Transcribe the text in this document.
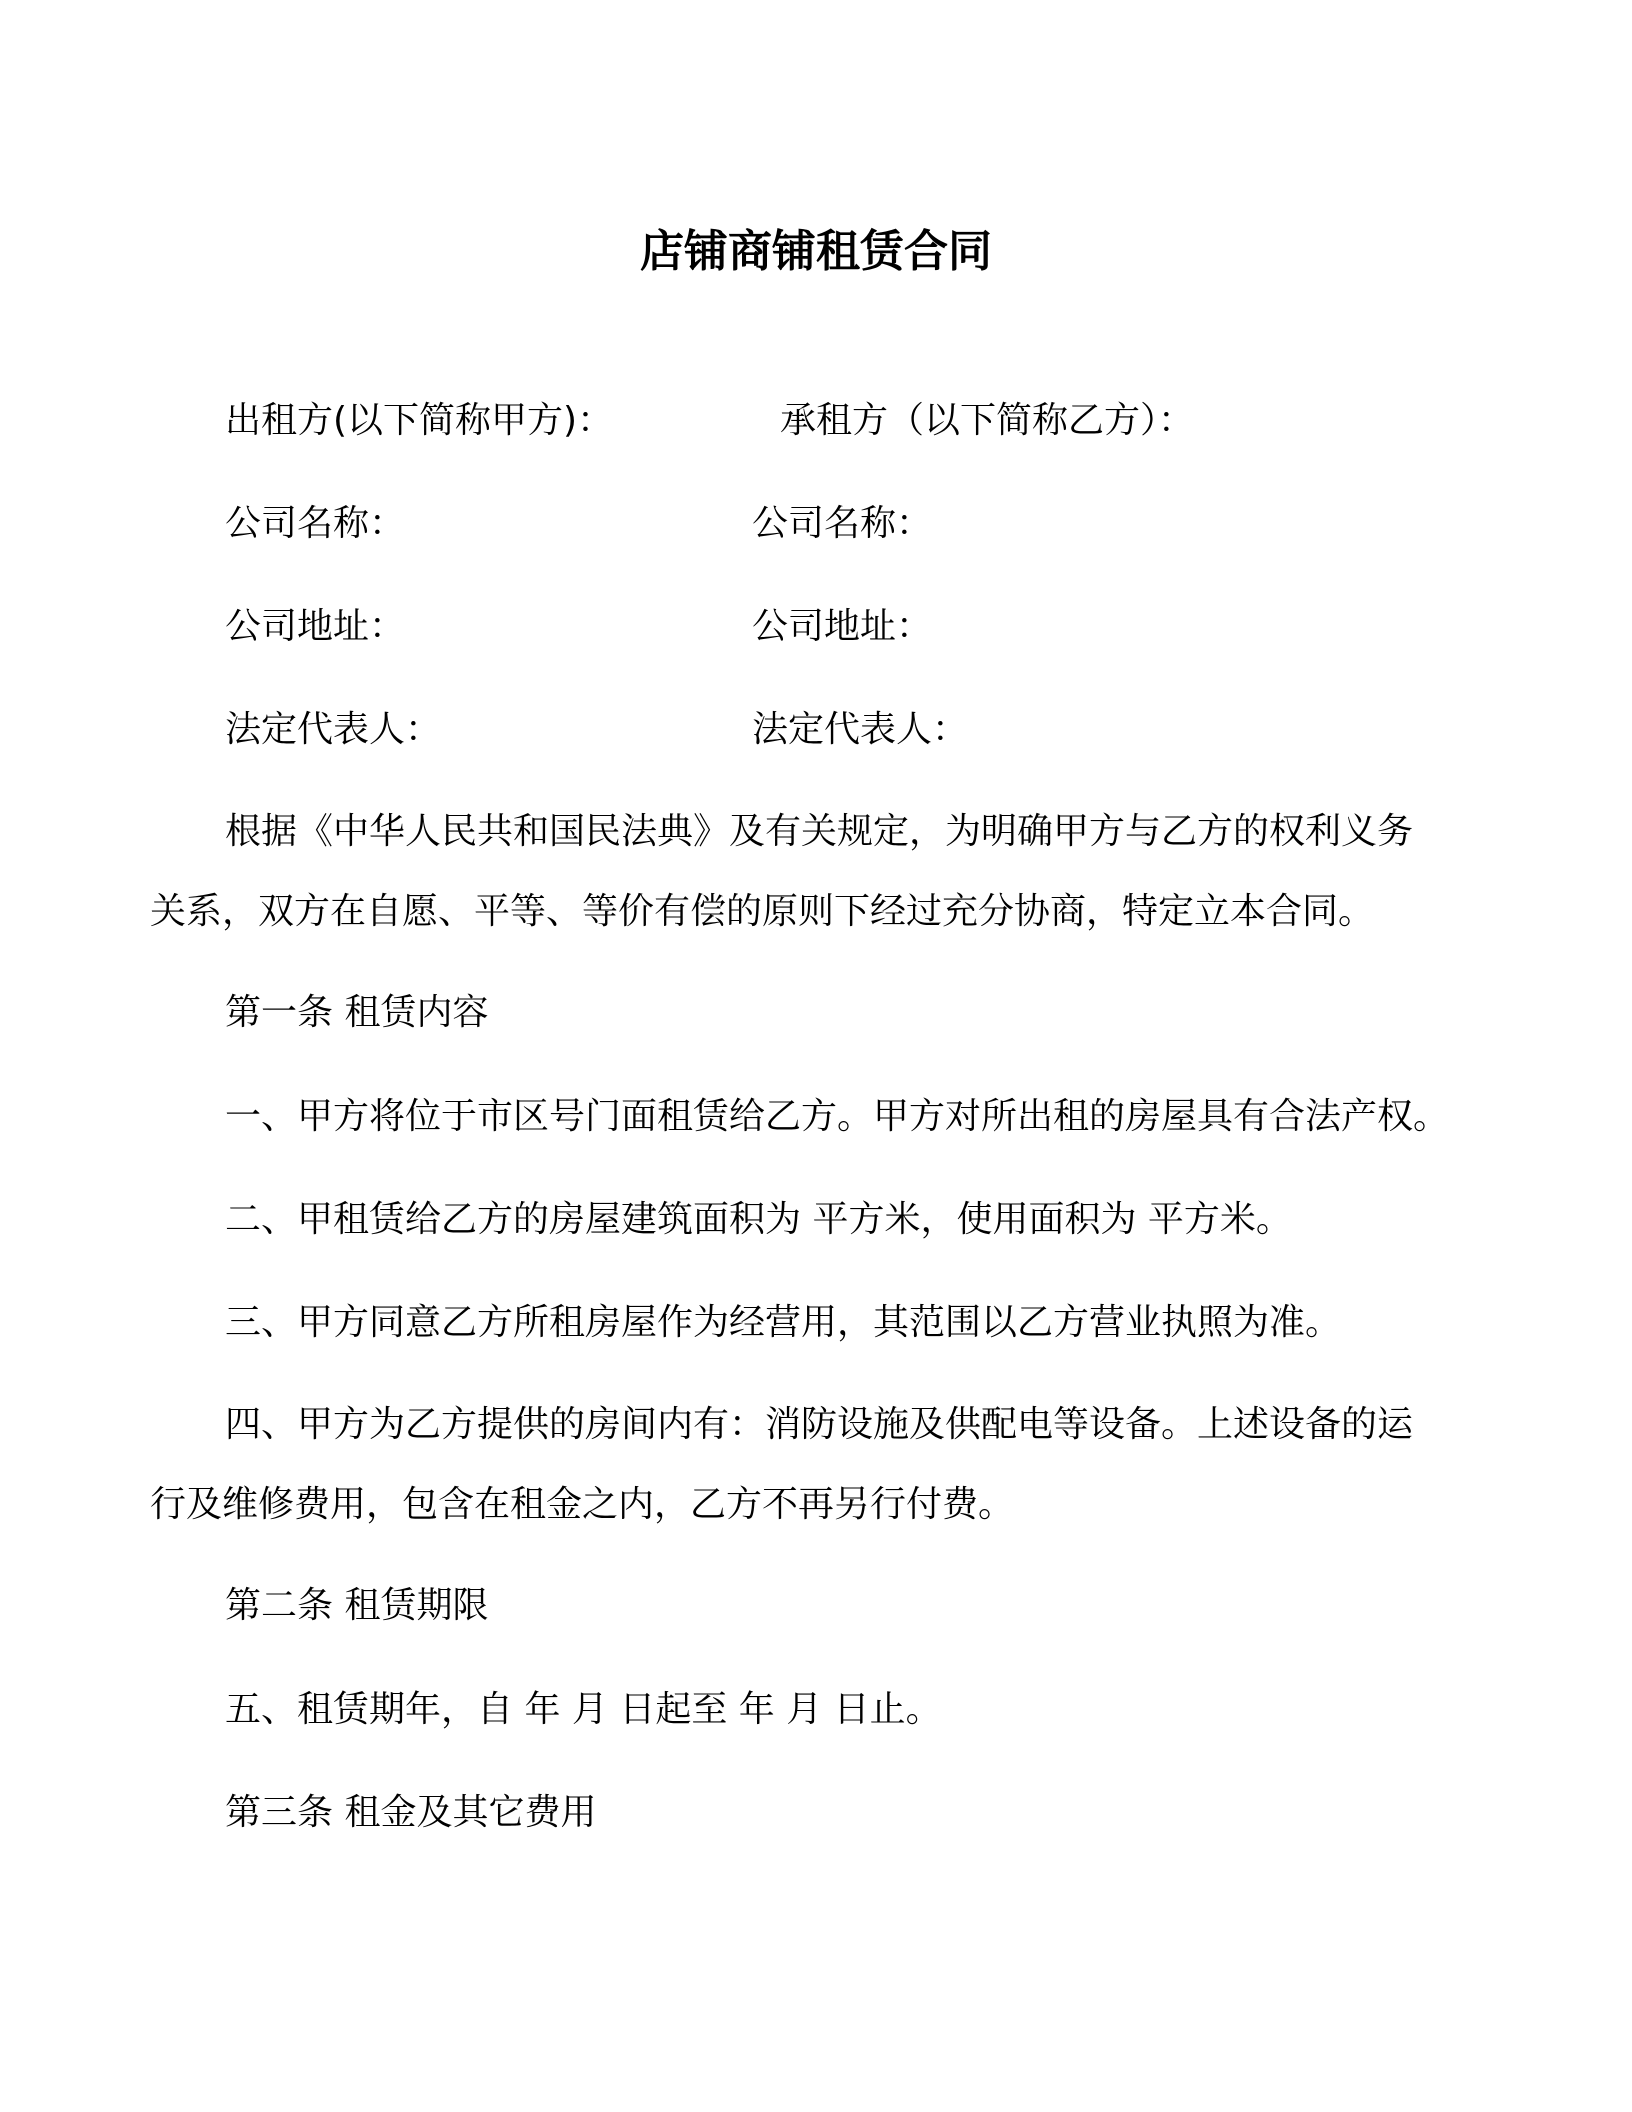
店铺商铺租赁合同
出租方(以下简称甲方)：	承租方（以下简称乙方）：
公司名称：	公司名称：
公司地址：	公司地址：
法定代表人：	法定代表人：
根据《中华人民共和国民法典》及有关规定，为明确甲方与乙方的权利义务
关系，双方在自愿、平等、等价有偿的原则下经过充分协商，特定立本合同。
第一条 租赁内容
一、甲方将位于市区号门面租赁给乙方。甲方对所出租的房屋具有合法产权。
二、甲租赁给乙方的房屋建筑面积为 平方米，使用面积为 平方米。
三、甲方同意乙方所租房屋作为经营用，其范围以乙方营业执照为准。
四、甲方为乙方提供的房间内有：消防设施及供配电等设备。上述设备的运
行及维修费用，包含在租金之内，乙方不再另行付费。
第二条 租赁期限
五、租赁期年，自 年 月 日起至 年 月 日止。
第三条 租金及其它费用
